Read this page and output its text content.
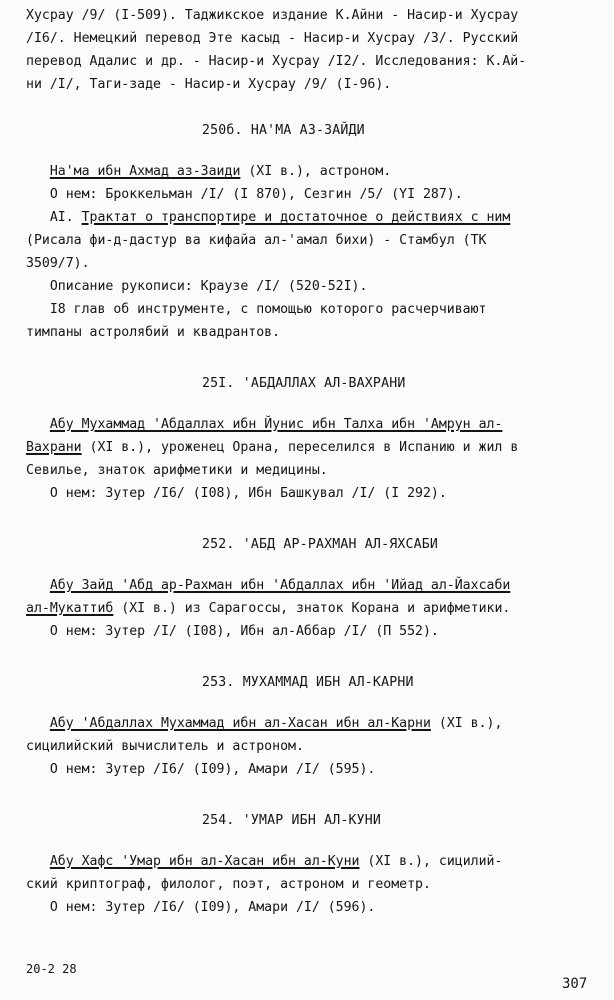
Хусрау /9/ (I-509). Таджикское издание К.Айни - Насир-и Хусрау
/I6/. Немецкий перевод Эте касыд - Насир-и Хусрау /3/. Русский
перевод Адалис и др. - Насир-и Хусрау /I2/. Исследования: К.Ай-
ни /I/, Таги-заде - Насир-и Хусрау /9/ (I-96).
250б. НА'МА АЗ-ЗАЙДИ
На'ма ибн Ахмад аз-Заиди (XI в.), астроном.
О нем: Броккельман /I/ (I 870), Сезгин /5/ (YI 287).
AI. Трактат о транспортире и достаточное о действиях с ним
(Рисала фи-д-дастур ва кифайа ал-'амал бихи) - Стамбул (ТК
3509/7).
Описание рукописи: Краузе /I/ (520-52I).
I8 глав об инструменте, с помощью которого расчерчивают
тимпаны астролябий и квадрантов.
25I. 'АБДАЛЛАХ АЛ-ВАХРАНИ
Абу Мухаммад 'Абдаллах ибн Йунис ибн Талха ибн 'Амрун ал-
Вахрани (XI в.), уроженец Орана, переселился в Испанию и жил в
Севилье, знаток арифметики и медицины.
О нем: Зутер /I6/ (I08), Ибн Башкувал /I/ (I 292).
252. 'АБД АР-РАХМАН АЛ-ЯХСАБИ
Абу Зайд 'Абд ар-Рахман ибн 'Абдаллах ибн 'Ийад ал-Йахсаби
ал-Мукаттиб (XI в.) из Сарагоссы, знаток Корана и арифметики.
О нем: Зутер /I/ (I08), Ибн ал-Аббар /I/ (П 552).
253. МУХАММАД ИБН АЛ-КАРНИ
Абу 'Абдаллах Мухаммад ибн ал-Хасан ибн ал-Карни (XI в.),
сицилийский вычислитель и астроном.
О нем: Зутер /I6/ (I09), Амари /I/ (595).
254. 'УМАР ИБН АЛ-КУНИ
Абу Хафс 'Умар ибн ал-Хасан ибн ал-Куни (XI в.), сицилий-
ский криптограф, филолог, поэт, астроном и геометр.
О нем: Зутер /I6/ (I09), Амари /I/ (596).
20-2 28
307
